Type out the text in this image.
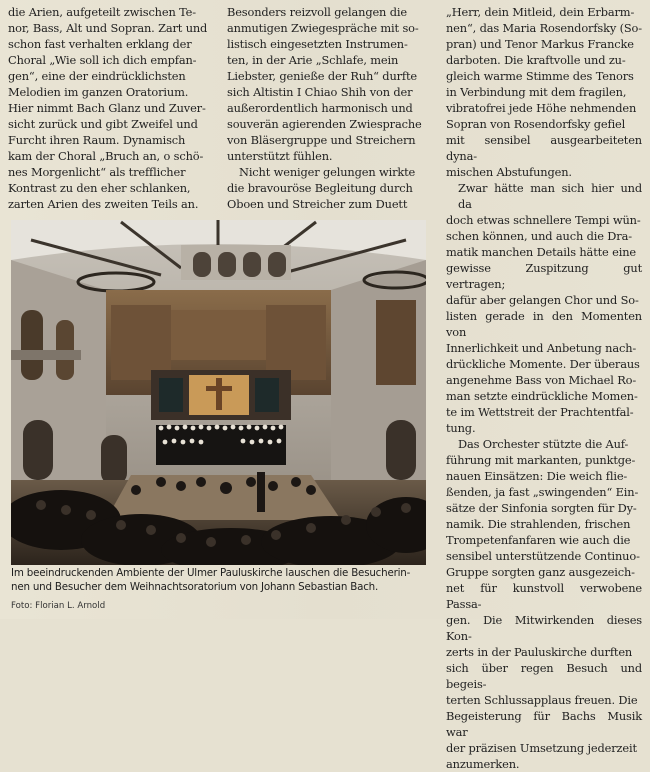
die Arien, aufgeteilt zwischen Te-
nor, Bass, Alt und Sopran. Zart und
schon fast verhalten erklang der
Choral „Wie soll ich dich empfan-
gen“, eine der eindrücklichsten
Melodien im ganzen Oratorium.
Hier nimmt Bach Glanz und Zuver-
sicht zurück und gibt Zweifel und
Furcht ihren Raum. Dynamisch
kam der Choral „Bruch an, o schö-
nes Morgenlicht“ als trefflicher
Kontrast zu den eher schlanken,
zarten Arien des zweiten Teils an.

Besonders reizvoll gelangen die
anmutigen Zwiegespräche mit so-
listisch eingesetzten Instrumen-
ten, in der Arie „Schlafe, mein
Liebster, genieße der Ruh“ durfte
sich Altistin I Chiao Shih von der
außerordentlich harmonisch und
souverän agierenden Zwiesprache
von Bläsergruppe und Streichern
unterstützt fühlen.

Nicht weniger gelungen wirkte
die bravouröse Begleitung durch
Oboen und Streicher zum Duett

„Herr, dein Mitleid, dein Erbarm-
nen“, das Maria Rosendorfsky (So-
pran) und Tenor Markus Francke
darboten. Die kraftvolle und zu-
gleich warme Stimme des Tenors
in Verbindung mit dem fragilen,
vibratofrei jede Höhe nehmenden
Sopran von Rosendorfsky gefiel
mit sensibel ausgearbeiteten dyna-
mischen Abstufungen.

Zwar hätte man sich hier und da
doch etwas schnellere Tempi wün-
schen können, und auch die Dra-
matik manchen Details hätte eine
gewisse Zuspitzung gut vertragen;
dafür aber gelangen Chor und So-
listen gerade in den Momenten von
Innerlichkeit und Anbetung nach-
drückliche Momente. Der überaus
angenehme Bass von Michael Ro-
man setzte eindrückliche Momen-
te im Wettstreit der Prachtentfal-
tung.

Das Orchester stützte die Auf-
führung mit markanten, punktge-
nauen Einsätzen: Die weich flie-
ßenden, ja fast „swingenden“ Ein-
sätze der Sinfonia sorgten für Dy-
namik. Die strahlenden, frischen
Trompetenfanfaren wie auch die
sensibel unterstützende Continuo-
Gruppe sorgten ganz ausgezeich-
net für kunstvoll verwobene Passa-
gen. Die Mitwirkenden dieses Kon-
zerts in der Pauluskirche durften
sich über regen Besuch und begeis-
terten Schlussapplaus freuen. Die
Begeisterung für Bachs Musik war
der präzisen Umsetzung jederzeit
anzumerken.

Im beeindruckenden Ambiente der Ulmer Pauluskirche lauschen die Besucherin-
nen und Besucher dem Weihnachtsoratorium von Johann Sebastian Bach.
Foto: Florian L. Arnold
